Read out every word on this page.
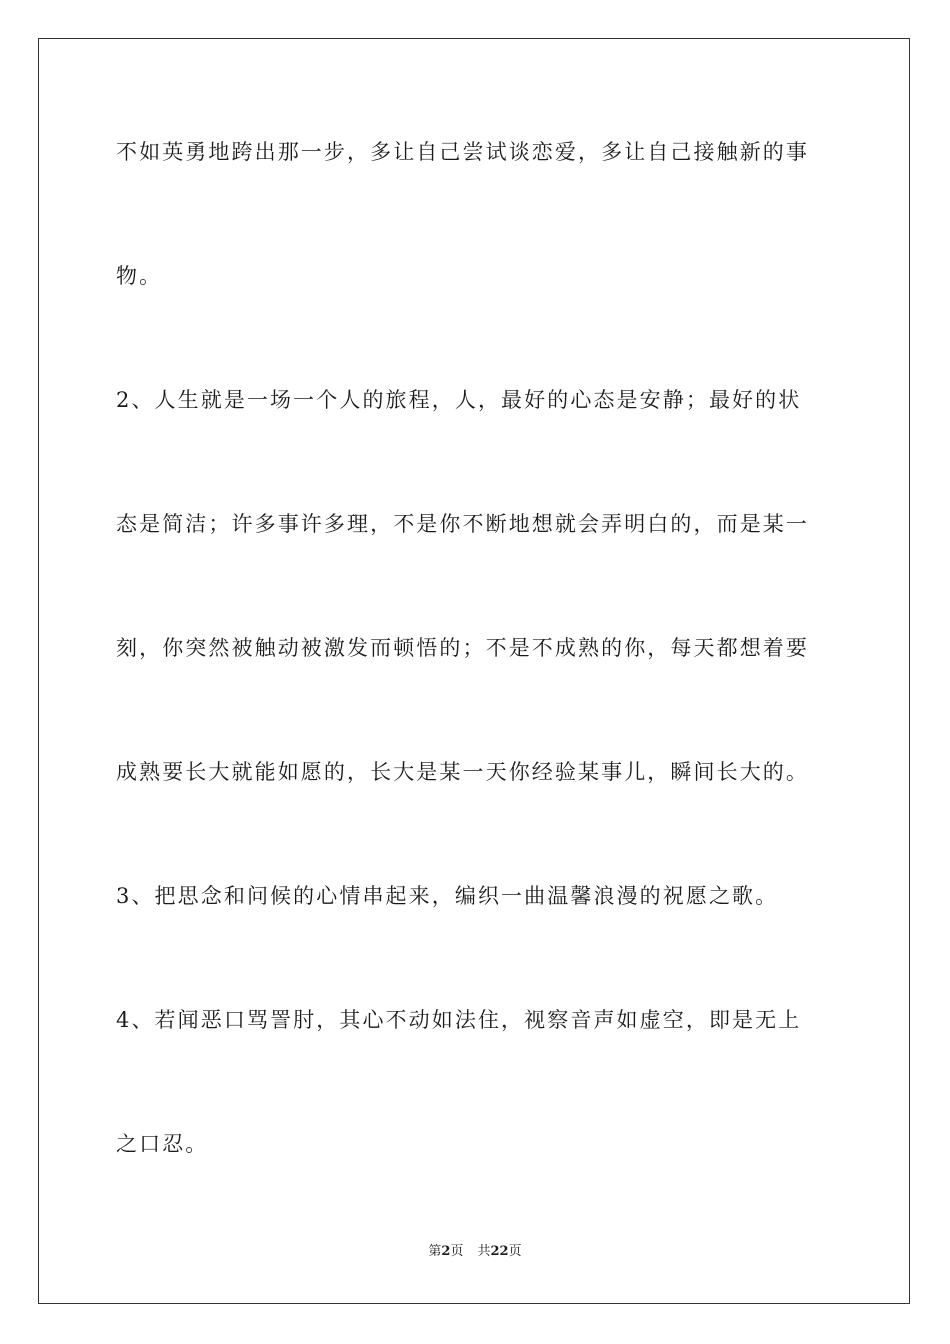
不如英勇地跨出那一步，多让自己尝试谈恋爱，多让自己接触新的事

物。

2、人生就是一场一个人的旅程，人，最好的心态是安静；最好的状

态是简洁；许多事许多理，不是你不断地想就会弄明白的，而是某一

刻，你突然被触动被激发而顿悟的；不是不成熟的你，每天都想着要

成熟要长大就能如愿的，长大是某一天你经验某事儿，瞬间长大的。

3、把思念和问候的心情串起来，编织一曲温馨浪漫的祝愿之歌。

4、若闻恶口骂詈肘，其心不动如法住，视察音声如虚空，即是无上

之口忍。

第2页 共22页
